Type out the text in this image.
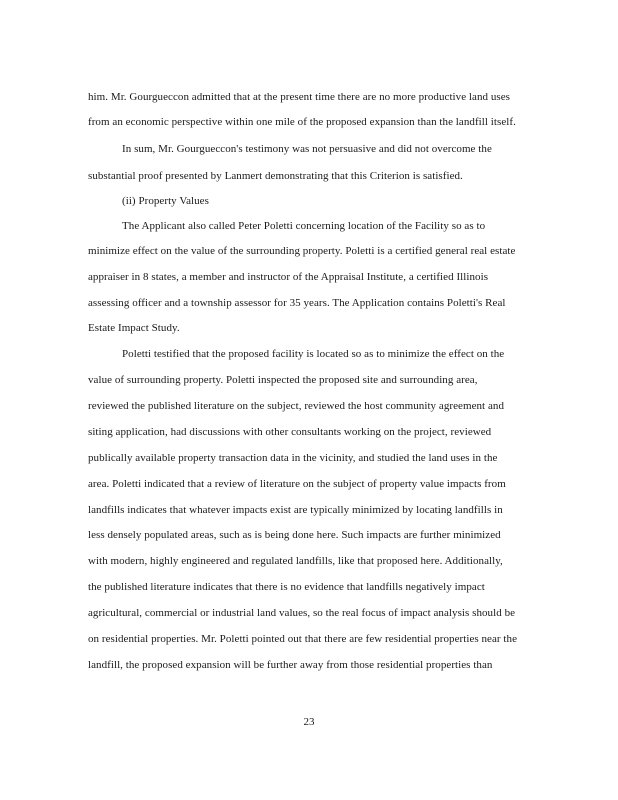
him. Mr. Gourgueccon admitted that at the present time there are no more productive land uses
from an economic perspective within one mile of the proposed expansion than the landfill itself.
In sum, Mr. Gourgueccon's testimony was not persuasive and did not overcome the
substantial proof presented by Lanmert demonstrating that this Criterion is satisfied.
(ii) Property Values
The Applicant also called Peter Poletti concerning location of the Facility so as to
minimize effect on the value of the surrounding property. Poletti is a certified general real estate
appraiser in 8 states, a member and instructor of the Appraisal Institute, a certified Illinois
assessing officer and a township assessor for 35 years. The Application contains Poletti's Real
Estate Impact Study.
Poletti testified that the proposed facility is located so as to minimize the effect on the
value of surrounding property. Poletti inspected the proposed site and surrounding area,
reviewed the published literature on the subject, reviewed the host community agreement and
siting application, had discussions with other consultants working on the project, reviewed
publically available property transaction data in the vicinity, and studied the land uses in the
area. Poletti indicated that a review of literature on the subject of property value impacts from
landfills indicates that whatever impacts exist are typically minimized by locating landfills in
less densely populated areas, such as is being done here. Such impacts are further minimized
with modern, highly engineered and regulated landfills, like that proposed here. Additionally,
the published literature indicates that there is no evidence that landfills negatively impact
agricultural, commercial or industrial land values, so the real focus of impact analysis should be
on residential properties. Mr. Poletti pointed out that there are few residential properties near the
landfill, the proposed expansion will be further away from those residential properties than
23
